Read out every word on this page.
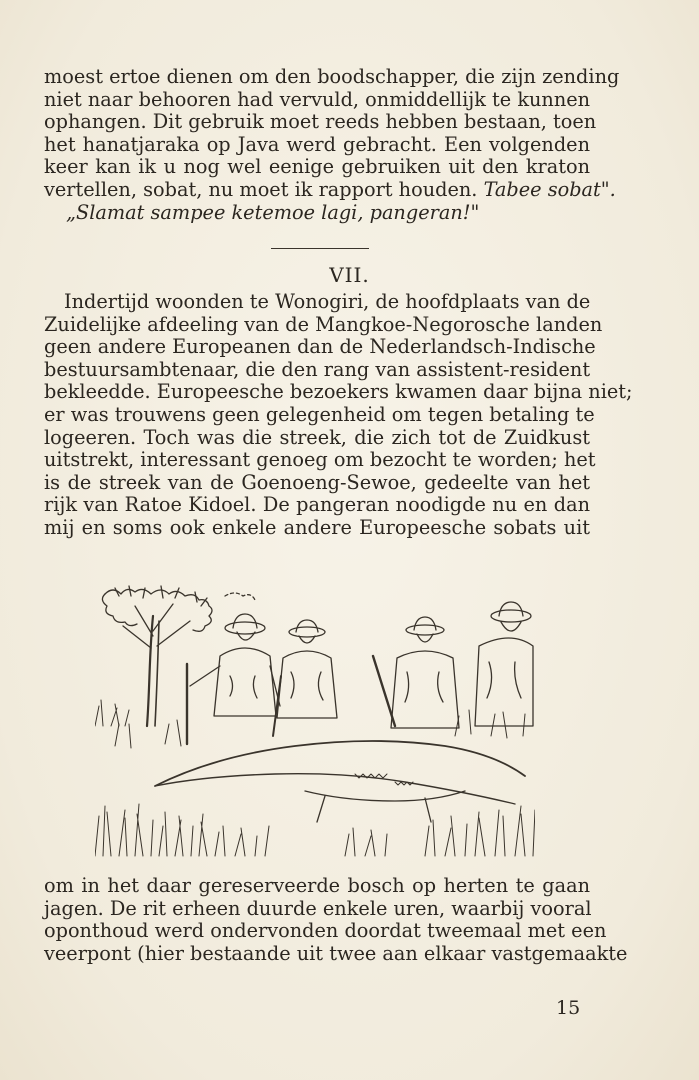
moest ertoe dienen om den boodschapper, die zijn zending
niet naar behooren had vervuld, onmiddellijk te kunnen
ophangen. Dit gebruik moet reeds hebben bestaan, toen
het hanatjaraka op Java werd gebracht. Een volgenden
keer kan ik u nog wel eenige gebruiken uit den kraton
vertellen, sobat, nu moet ik rapport houden. Tabee sobat".
„Slamat sampee ketemoe lagi, pangeran!"
VII.
Indertijd woonden te Wonogiri, de hoofdplaats van de
Zuidelijke afdeeling van de Mangkoe-Negorosche landen
geen andere Europeanen dan de Nederlandsch-Indische
bestuursambtenaar, die den rang van assistent-resident
bekleedde. Europeesche bezoekers kwamen daar bijna niet;
er was trouwens geen gelegenheid om tegen betaling te
logeeren. Toch was die streek, die zich tot de Zuidkust
uitstrekt, interessant genoeg om bezocht te worden; het
is de streek van de Goenoeng-Sewoe, gedeelte van het
rijk van Ratoe Kidoel. De pangeran noodigde nu en dan
mij en soms ook enkele andere Europeesche sobats uit
om in het daar gereserveerde bosch op herten te gaan
jagen. De rit erheen duurde enkele uren, waarbij vooral
oponthoud werd ondervonden doordat tweemaal met een
veerpont (hier bestaande uit twee aan elkaar vastgemaakte
15
